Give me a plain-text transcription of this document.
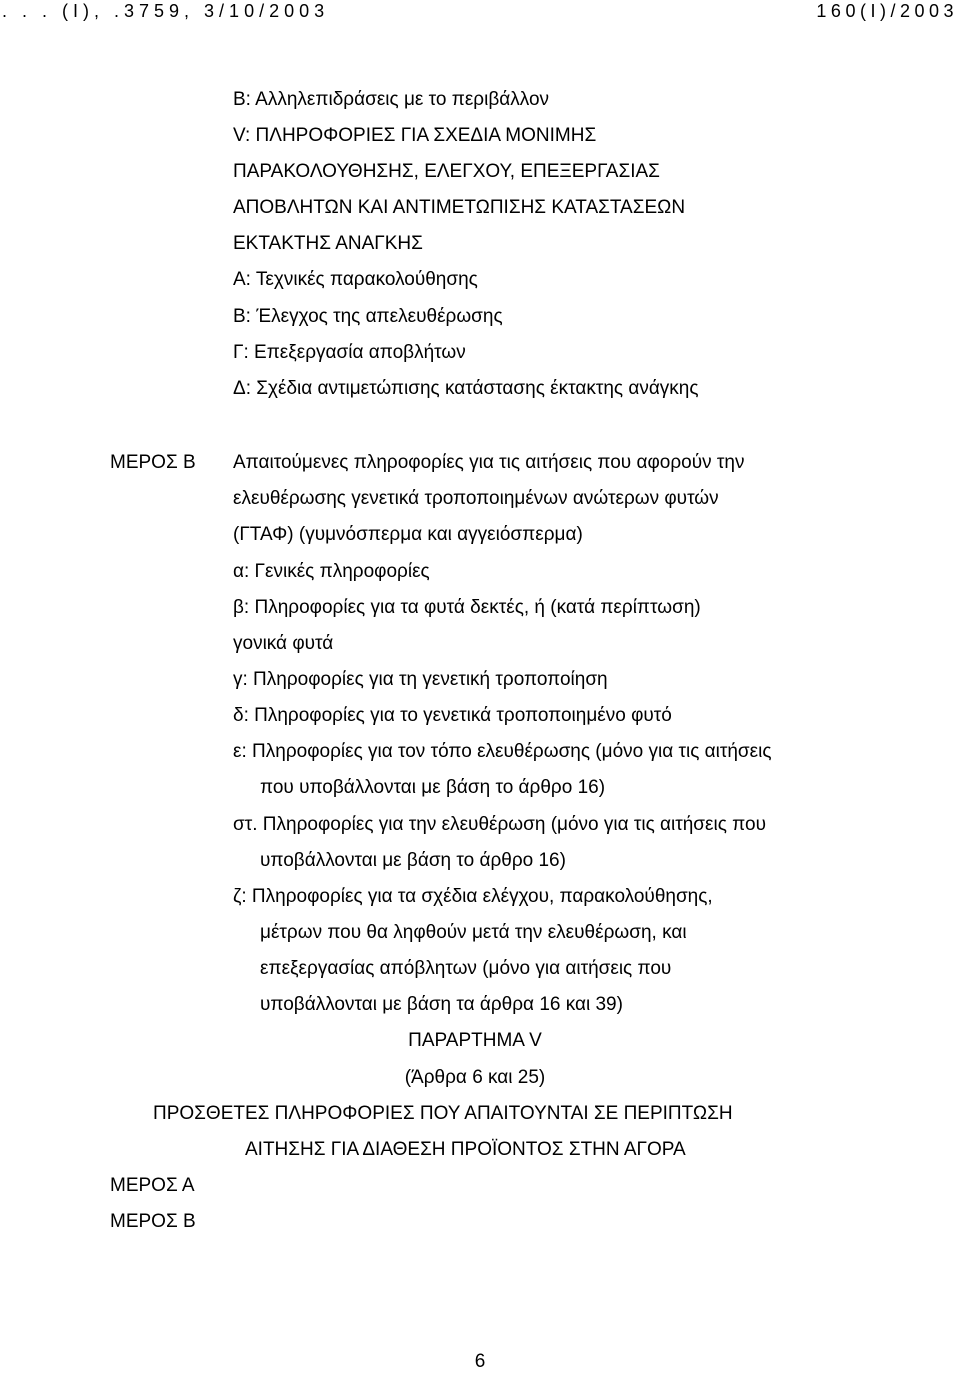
. . . (Ι), .3759, 3/10/2003	160(Ι)/2003
Β: Αλληλεπιδράσεις με το περιβάλλον
V: ΠΛΗΡΟΦΟΡΙΕΣ ΓΙΑ ΣΧΕΔΙΑ ΜΟΝΙΜΗΣ
ΠΑΡΑΚΟΛΟΥΘΗΣΗΣ, ΕΛΕΓΧΟΥ, ΕΠΕΞΕΡΓΑΣΙΑΣ
ΑΠΟΒΛΗΤΩΝ ΚΑΙ ΑΝΤΙΜΕΤΩΠΙΣΗΣ ΚΑΤΑΣΤΑΣΕΩΝ
ΕΚΤΑΚΤΗΣ ΑΝΑΓΚΗΣ
Α: Τεχνικές παρακολούθησης
Β: Έλεγχος της απελευθέρωσης
Γ: Επεξεργασία αποβλήτων
Δ: Σχέδια αντιμετώπισης κατάστασης έκτακτης ανάγκης
ΜΕΡΟΣ Β Απαιτούμενες πληροφορίες για τις αιτήσεις που αφορούν την
ελευθέρωσης γενετικά τροποποιημένων ανώτερων φυτών
(ΓΤΑΦ) (γυμνόσπερμα και αγγειόσπερμα)
α: Γενικές πληροφορίες
β: Πληροφορίες για τα φυτά δεκτές, ή (κατά περίπτωση)
γονικά φυτά
γ: Πληροφορίες για τη γενετική τροποποίηση
δ: Πληροφορίες για το γενετικά τροποποιημένο φυτό
ε: Πληροφορίες για τον τόπο ελευθέρωσης (μόνο για τις αιτήσεις
που υποβάλλονται με βάση το άρθρο 16)
στ. Πληροφορίες για την ελευθέρωση (μόνο για τις αιτήσεις που
υποβάλλονται με βάση το άρθρο 16)
ζ: Πληροφορίες για τα σχέδια ελέγχου, παρακολούθησης,
μέτρων που θα ληφθούν μετά την ελευθέρωση, και
επεξεργασίας απόβλητων (μόνο για αιτήσεις που
υποβάλλονται με βάση τα άρθρα 16 και 39)
ΠΑΡΑΡΤΗΜΑ V
(Άρθρα 6 και 25)
ΠΡΟΣΘΕΤΕΣ ΠΛΗΡΟΦΟΡΙΕΣ ΠΟΥ ΑΠΑΙΤΟΥΝΤΑΙ ΣΕ ΠΕΡΙΠΤΩΣΗ
ΑΙΤΗΣΗΣ ΓΙΑ ΔΙΑΘΕΣΗ ΠΡΟΪΟΝΤΟΣ ΣΤΗΝ ΑΓΟΡΑ
ΜΕΡΟΣ Α
ΜΕΡΟΣ Β
6
